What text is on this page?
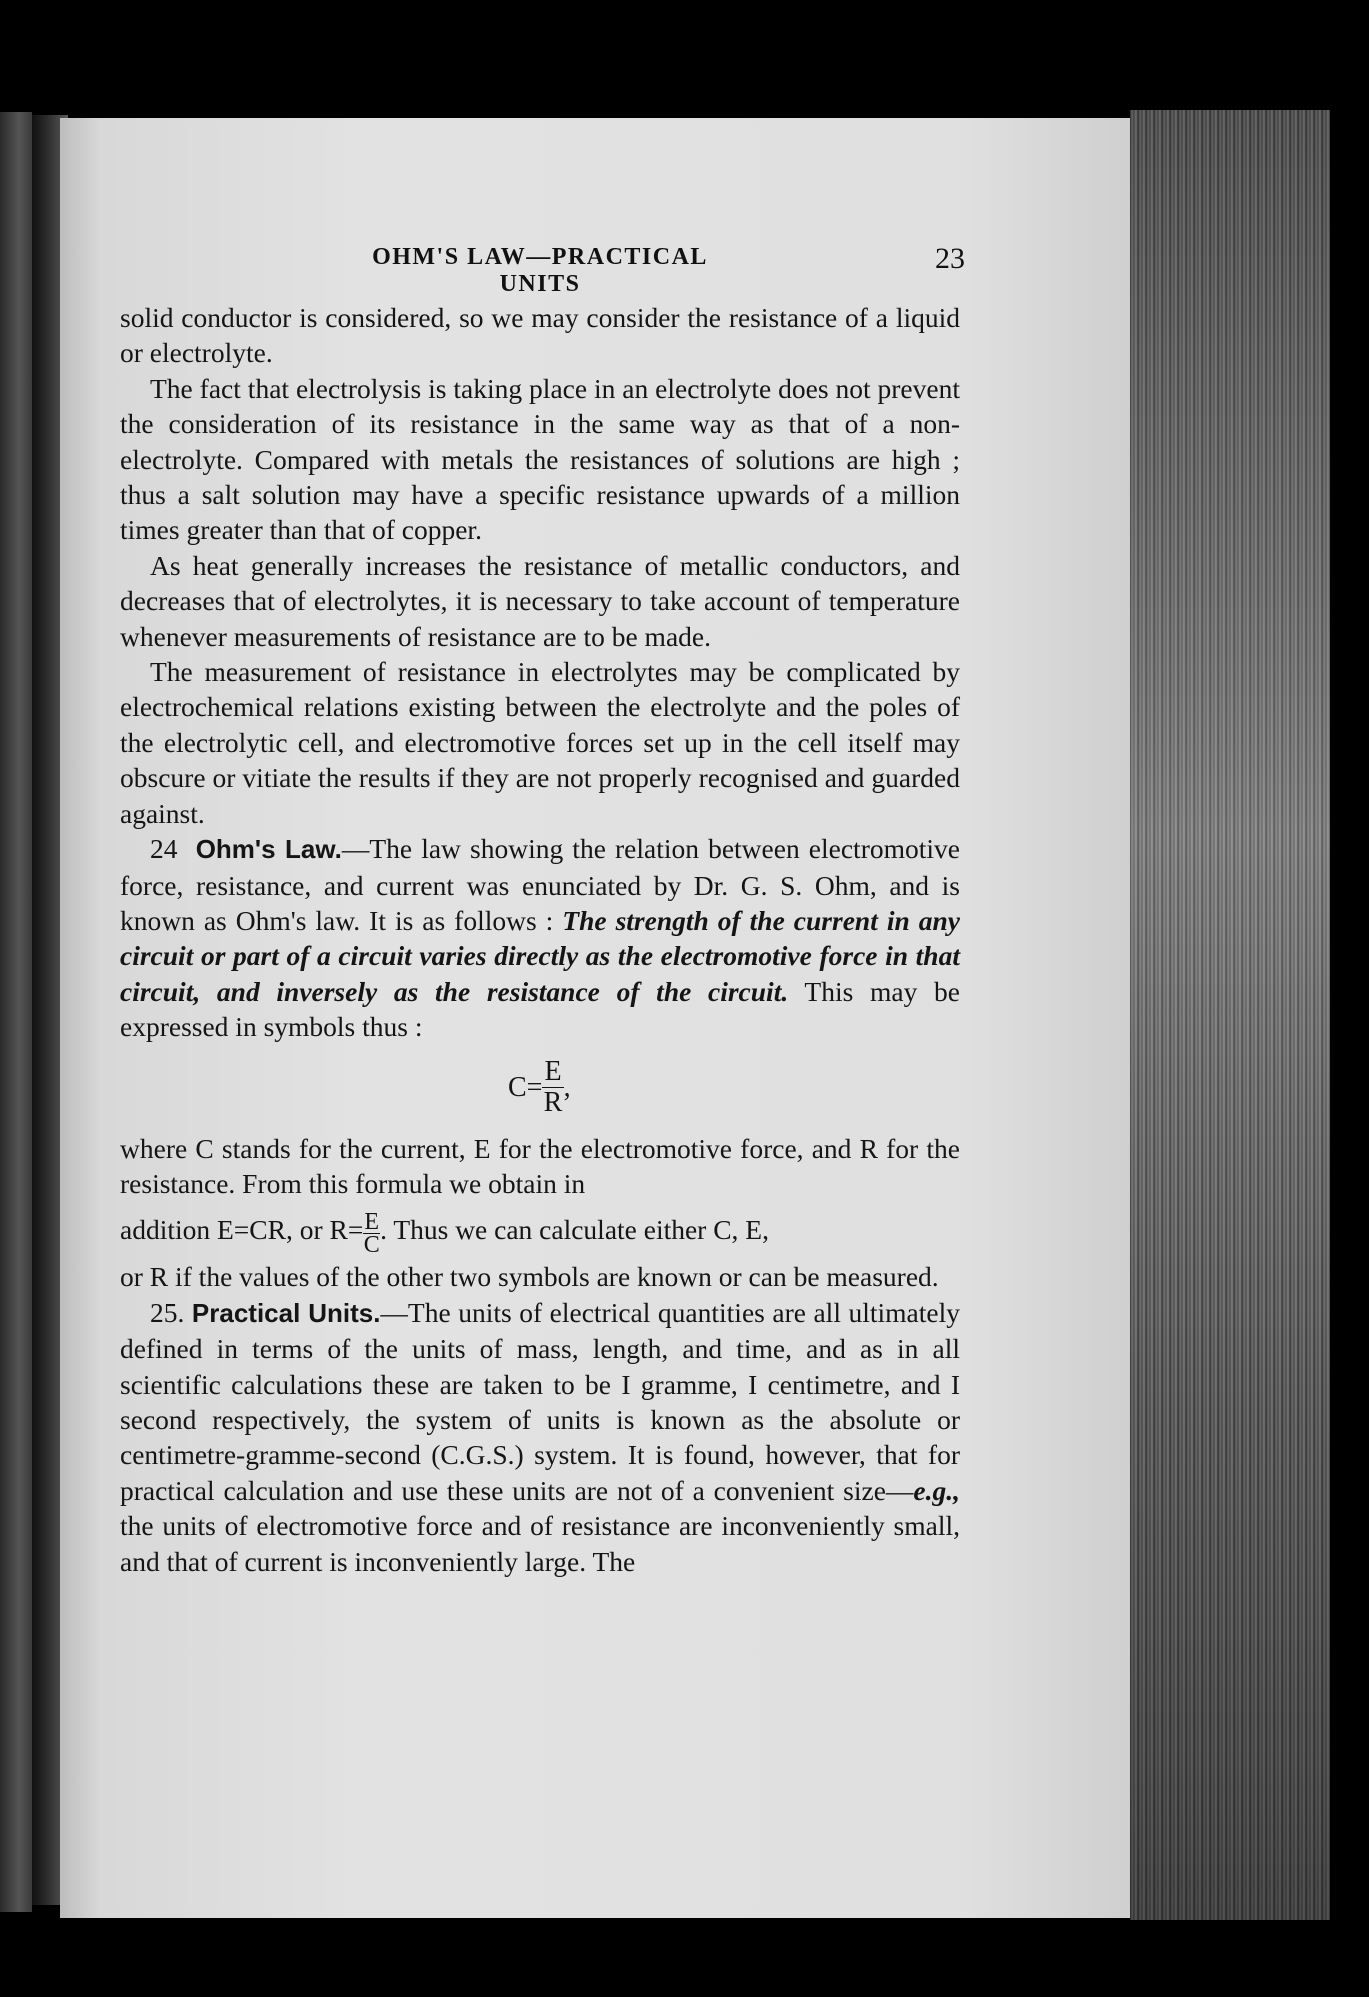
OHM'S LAW—PRACTICAL UNITS
23

solid conductor is considered, so we may consider the resistance of a liquid or electrolyte.

The fact that electrolysis is taking place in an electrolyte does not prevent the consideration of its resistance in the same way as that of a non-electrolyte. Compared with metals the resistances of solutions are high ; thus a salt solution may have a specific resistance upwards of a million times greater than that of copper.

As heat generally increases the resistance of metallic conductors, and decreases that of electrolytes, it is necessary to take account of temperature whenever measurements of resistance are to be made.

The measurement of resistance in electrolytes may be complicated by electrochemical relations existing between the electrolyte and the poles of the electrolytic cell, and electromotive forces set up in the cell itself may obscure or vitiate the results if they are not properly recognised and guarded against.

24 Ohm's Law.—The law showing the relation between electromotive force, resistance, and current was enunciated by Dr. G. S. Ohm, and is known as Ohm's law. It is as follows : The strength of the current in any circuit or part of a circuit varies directly as the electromotive force in that circuit, and inversely as the resistance of the circuit. This may be expressed in symbols thus :

$C= \frac{E}{R}$ ,

where C stands for the current, E for the electromotive force, and R for the resistance. From this formula we obtain in

addition E=CR, or $R= \frac{E}{C}$ . Thus we can calculate either C, E,

or R if the values of the other two symbols are known or can be measured.

25. Practical Units.—The units of electrical quantities are all ultimately defined in terms of the units of mass, length, and time, and as in all scientific calculations these are taken to be I gramme, I centimetre, and I second respectively, the system of units is known as the absolute or centimetre-gramme-second (C.G.S.) system. It is found, however, that for practical calculation and use these units are not of a convenient size—e.g., the units of electromotive force and of resistance are inconveniently small, and that of current is inconveniently large. The
